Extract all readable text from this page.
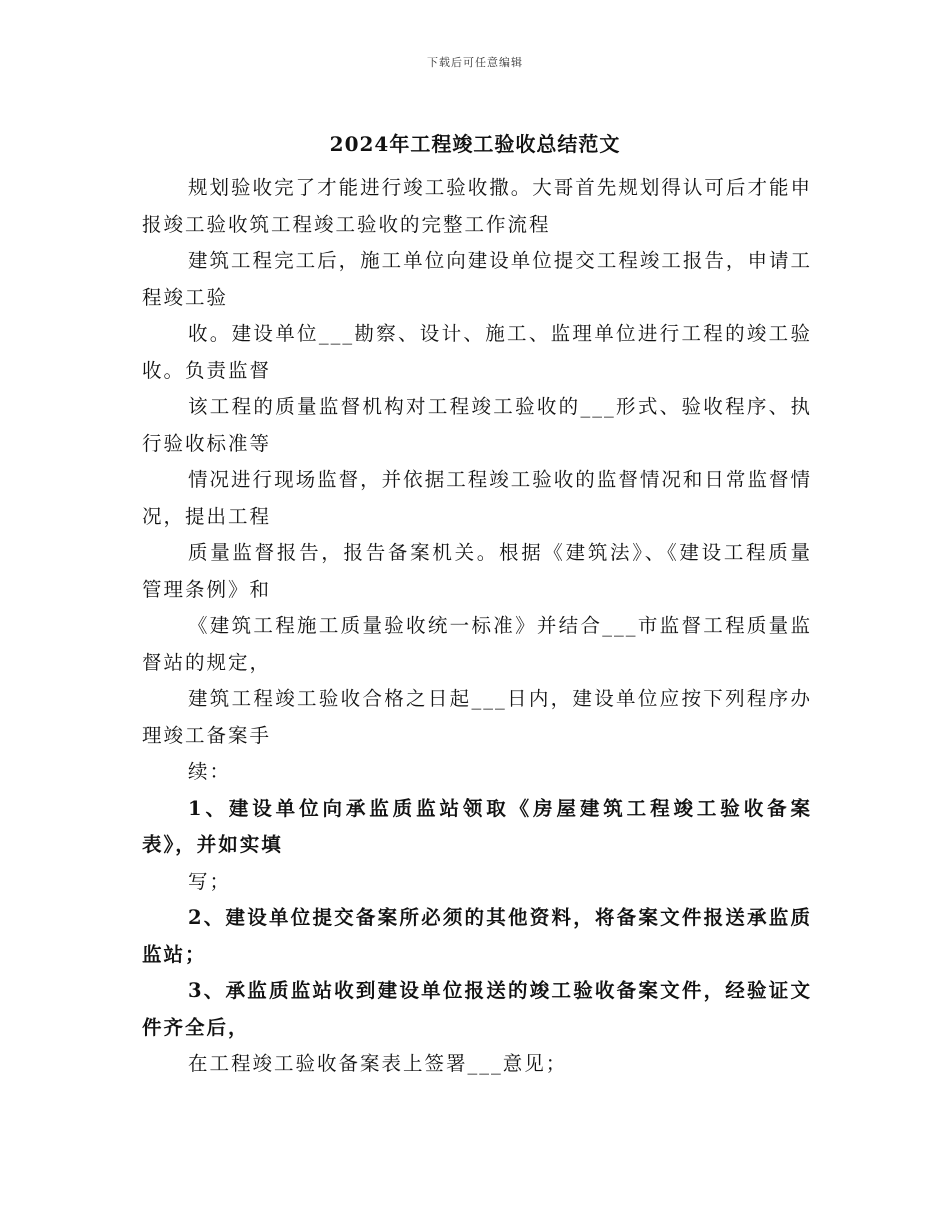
下载后可任意编辑
2024年工程竣工验收总结范文

规划验收完了才能进行竣工验收撒。大哥首先规划得认可后才能申报竣工验收筑工程竣工验收的完整工作流程

建筑工程完工后，施工单位向建设单位提交工程竣工报告，申请工程竣工验

收。建设单位___勘察、设计、施工、监理单位进行工程的竣工验收。负责监督

该工程的质量监督机构对工程竣工验收的___形式、验收程序、执行验收标准等

情况进行现场监督，并依据工程竣工验收的监督情况和日常监督情况，提出工程

质量监督报告，报告备案机关。根据《建筑法》、《建设工程质量管理条例》和

《建筑工程施工质量验收统一标准》并结合___市监督工程质量监督站的规定，

建筑工程竣工验收合格之日起___日内，建设单位应按下列程序办理竣工备案手

续：

1、建设单位向承监质监站领取《房屋建筑工程竣工验收备案表》，并如实填

写；

2、建设单位提交备案所必须的其他资料，将备案文件报送承监质监站；

3、承监质监站收到建设单位报送的竣工验收备案文件，经验证文件齐全后，

在工程竣工验收备案表上签署___意见；
